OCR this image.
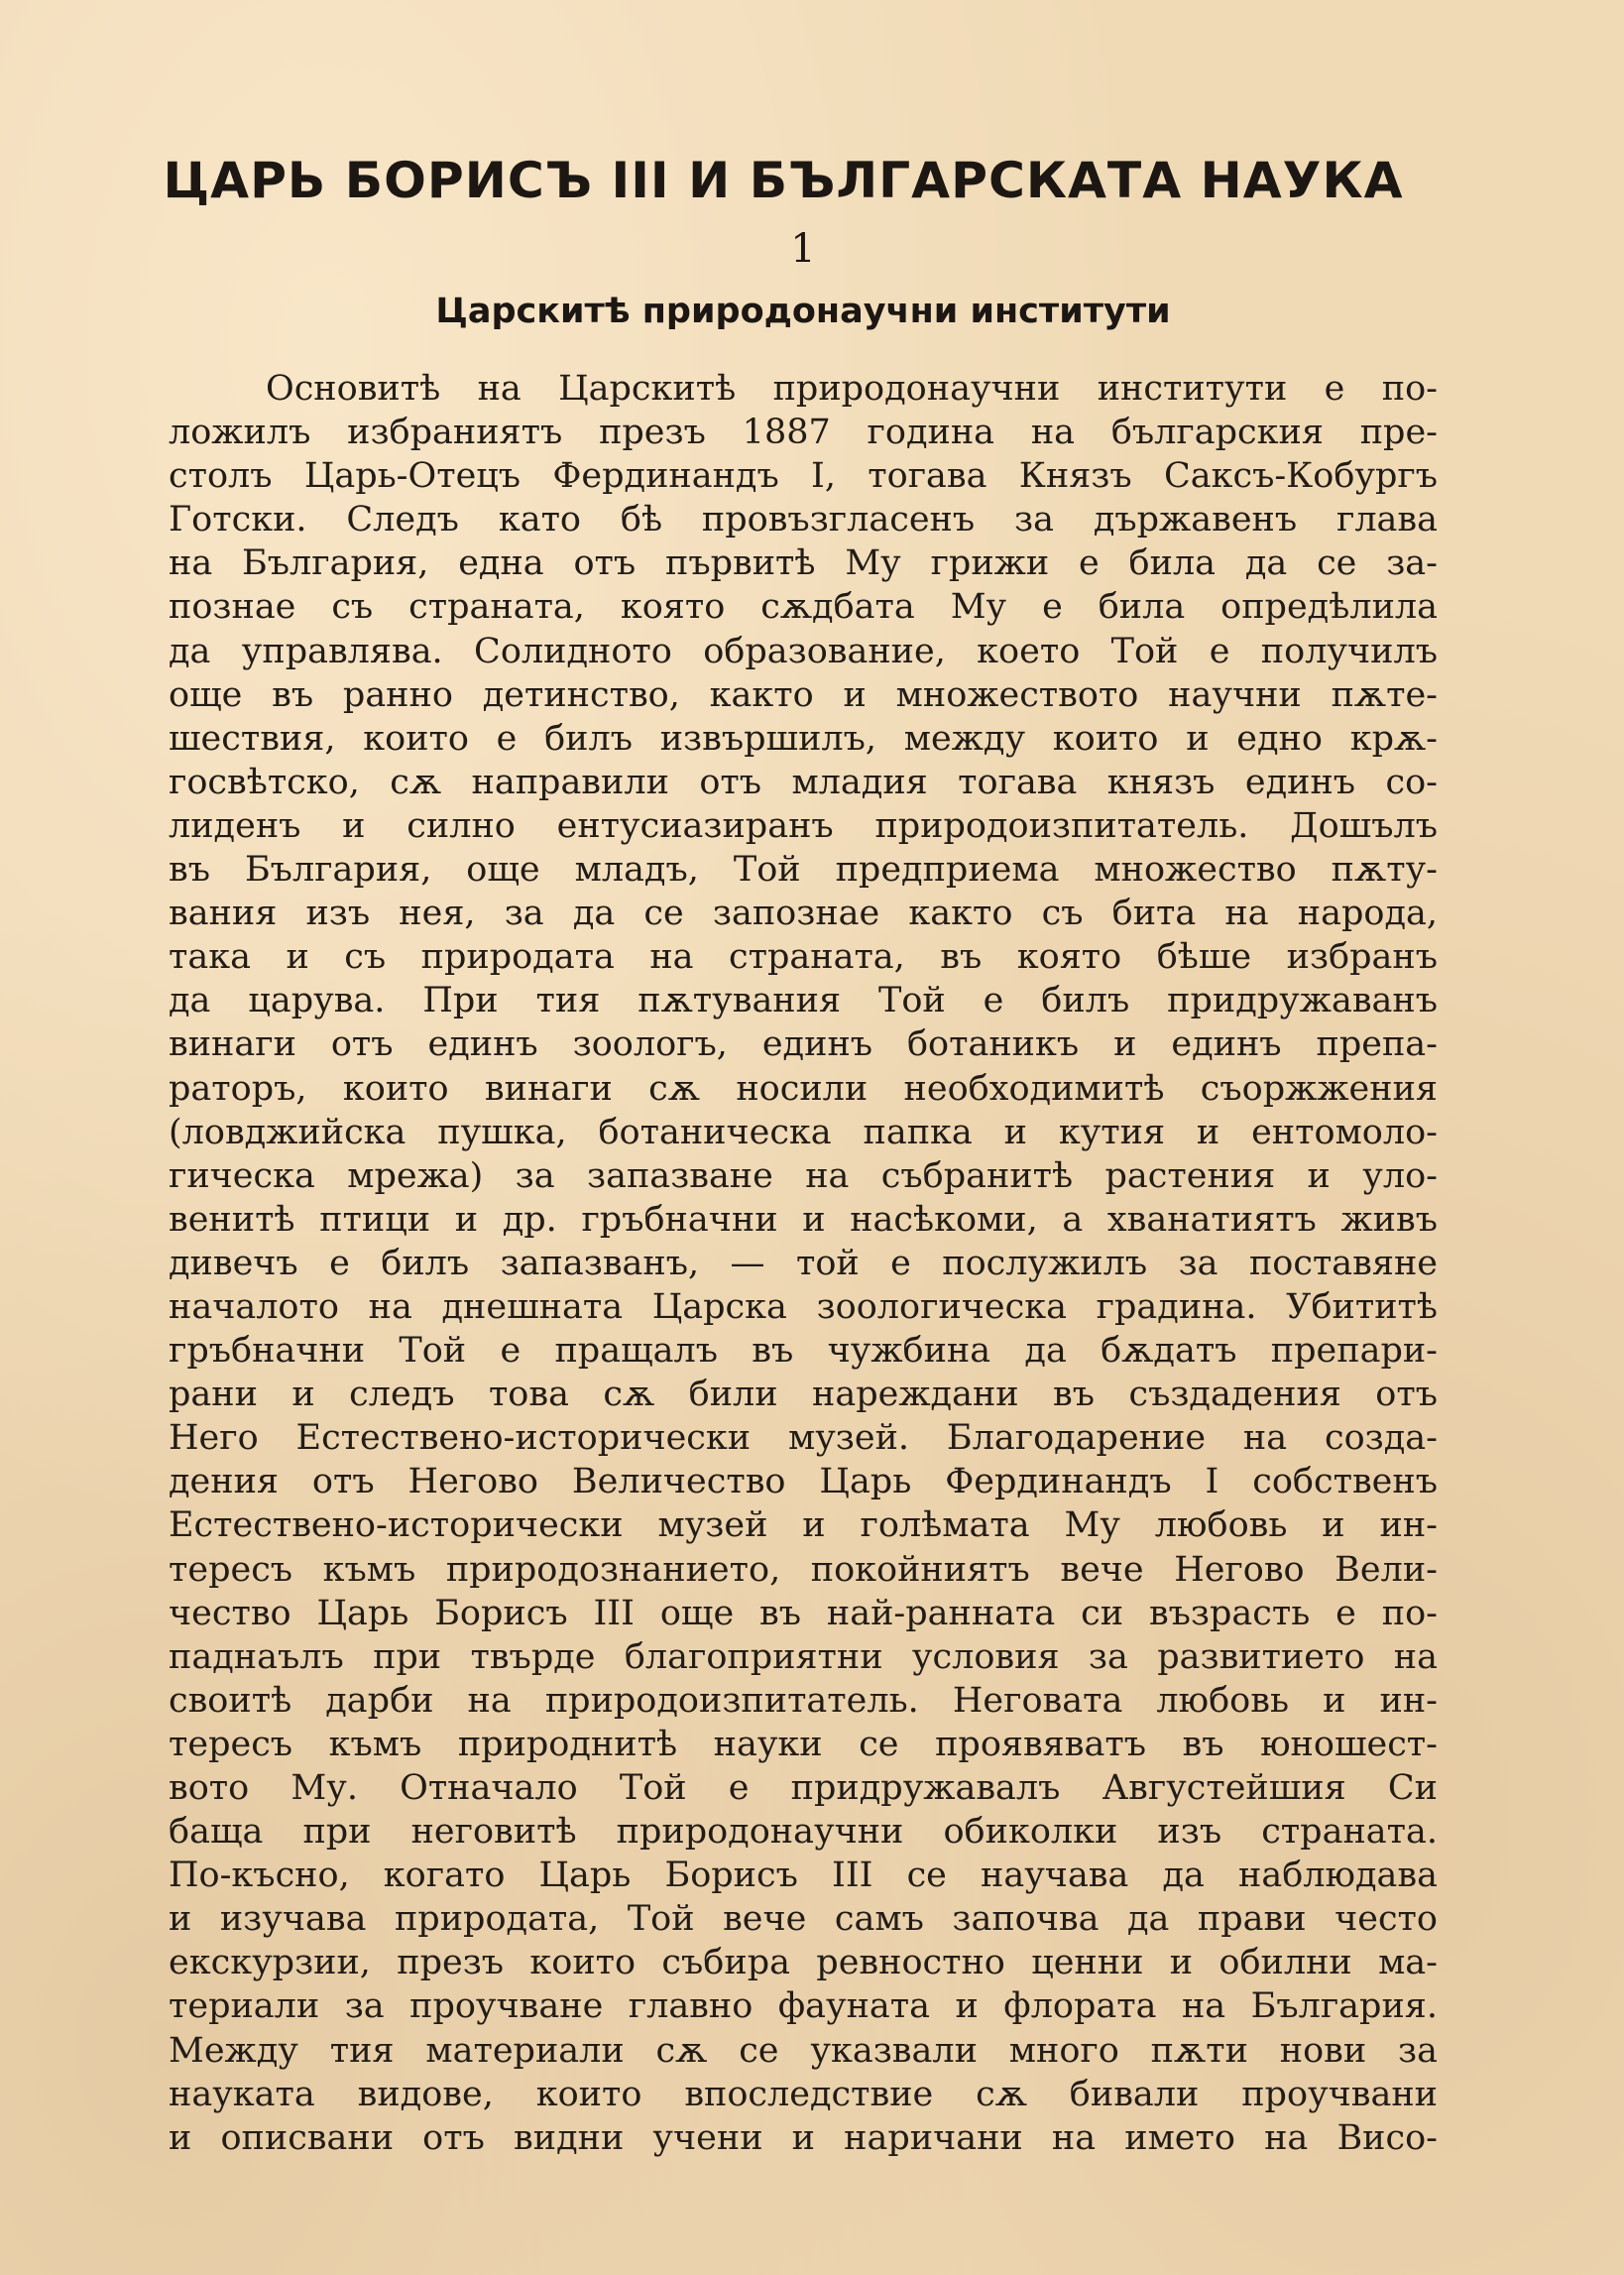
ЦАРЬ БОРИСЪ III И БЪЛГАРСКАТА НАУКА
1
Царскитѣ природонаучни институти
Основитѣ на Царскитѣ природонаучни институти е по-
ложилъ избраниятъ презъ 1887 година на българския пре-
столъ Царь-Отецъ Фердинандъ I, тогава Князъ Саксъ-Кобургъ
Готски. Следъ като бѣ провъзгласенъ за държавенъ глава
на България, една отъ първитѣ Му грижи е била да се за-
познае съ страната, която сѫдбата Му е била опредѣлила
да управлява. Солидното образование, което Той е получилъ
още въ ранно детинство, както и множеството научни пѫте-
шествия, които е билъ извършилъ, между които и едно крѫ-
госвѣтско, сѫ направили отъ младия тогава князъ единъ со-
лиденъ и силно ентусиазиранъ природоизпитатель. Дошълъ
въ България, още младъ, Той предприема множество пѫту-
вания изъ нея, за да се запознае както съ бита на народа,
така и съ природата на страната, въ която бѣше избранъ
да царува. При тия пѫтувания Той е билъ придружаванъ
винаги отъ единъ зоологъ, единъ ботаникъ и единъ препа-
раторъ, които винаги сѫ носили необходимитѣ съоржжения
(ловджийска пушка, ботаническа папка и кутия и ентомоло-
гическа мрежа) за запазване на събранитѣ растения и уло-
венитѣ птици и др. гръбначни и насѣкоми, а хванатиятъ живъ
дивечъ е билъ запазванъ, — той е послужилъ за поставяне
началото на днешната Царска зоологическа градина. Убититѣ
гръбначни Той е пращалъ въ чужбина да бѫдатъ препари-
рани и следъ това сѫ били нареждани въ създадения отъ
Него Естествено-исторически музей. Благодарение на созда-
дения отъ Негово Величество Царь Фердинандъ I собственъ
Естествено-исторически музей и голѣмата Му любовь и ин-
тересъ къмъ природознанието, покойниятъ вече Негово Вели-
чество Царь Борисъ III още въ най-ранната си възрасть е по-
паднаълъ при твърде благоприятни условия за развитието на
своитѣ дарби на природоизпитатель. Неговата любовь и ин-
тересъ къмъ природнитѣ науки се проявяватъ въ юношест-
вото Му. Отначало Той е придружавалъ Августейшия Си
баща при неговитѣ природонаучни обиколки изъ страната.
По-късно, когато Царь Борисъ III се научава да наблюдава
и изучава природата, Той вече самъ започва да прави често
екскурзии, презъ които събира ревностно ценни и обилни ма-
териали за проучване главно фауната и флората на България.
Между тия материали сѫ се указвали много пѫти нови за
науката видове, които впоследствие сѫ бивали проучвани
и описвани отъ видни учени и наричани на името на Висо-
